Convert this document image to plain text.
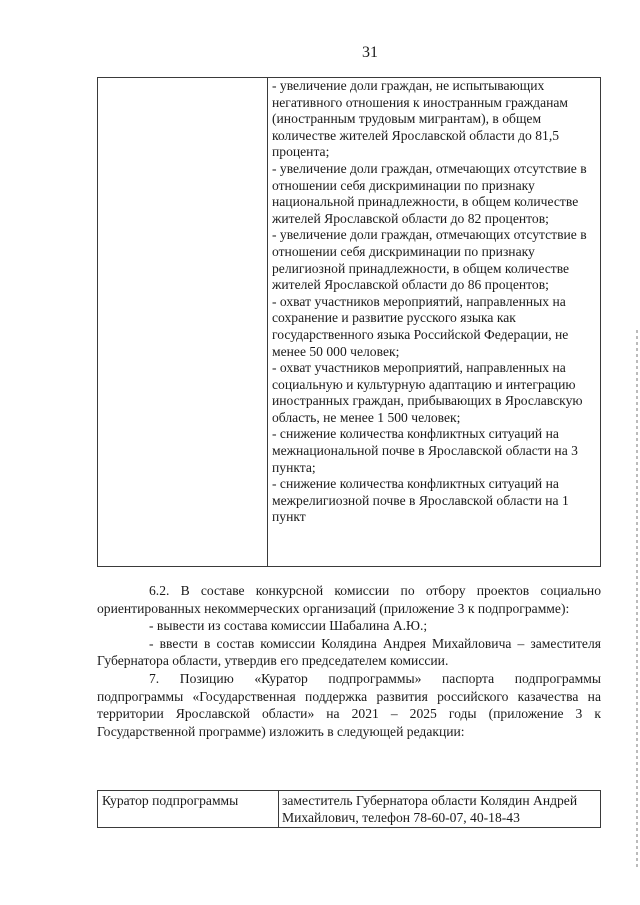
31
- увеличение доли граждан, не испытывающих негативного отношения к иностранным гражданам (иностранным трудовым мигрантам), в общем количестве жителей Ярославской области до 81,5 процента;
- увеличение доли граждан, отмечающих отсутствие в отношении себя дискриминации по признаку национальной принадлежности, в общем количестве жителей Ярославской области до 82 процентов;
- увеличение доли граждан, отмечающих отсутствие в отношении себя дискриминации по признаку религиозной принадлежности, в общем количестве жителей Ярославской области до 86 процентов;
- охват участников мероприятий, направленных на сохранение и развитие русского языка как государственного языка Российской Федерации, не менее 50 000 человек;
- охват участников мероприятий, направленных на социальную и культурную адаптацию и интеграцию иностранных граждан, прибывающих в Ярославскую область, не менее 1 500 человек;
- снижение количества конфликтных ситуаций на межнациональной почве в Ярославской области на 3 пункта;
- снижение количества конфликтных ситуаций на межрелигиозной почве в Ярославской области на 1 пункт

6.2. В составе конкурсной комиссии по отбору проектов социально ориентированных некоммерческих организаций (приложение 3 к подпрограмме):

- вывести из состава комиссии Шабалина А.Ю.;

- ввести в состав комиссии Колядина Андрея Михайловича – заместителя Губернатора области, утвердив его председателем комиссии.

7. Позицию «Куратор подпрограммы» паспорта подпрограммы подпрограммы «Государственная поддержка развития российского казачества на территории Ярославской области» на 2021 – 2025 годы (приложение 3 к Государственной программе) изложить в следующей редакции:

Куратор подпрограммы	заместитель Губернатора области Колядин Андрей Михайлович, телефон 78-60-07, 40-18-43
